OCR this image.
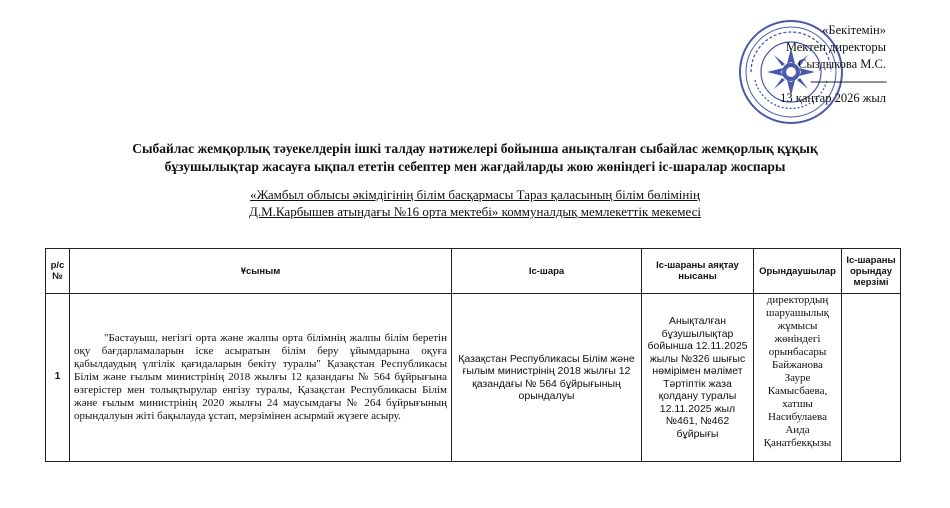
«Бекітемін»
Мектеп директоры
Сыздыкова М.С.
------------------------
13 қаңтар 2026 жыл
Сыбайлас жемқорлық тәуекелдерін ішкі талдау нәтижелері бойынша анықталған сыбайлас жемқорлық құқық
бұзушылықтар жасауға ықпал ететін себептер мен жағдайларды жою жөніндегі іс-шаралар жоспары
«Жамбыл облысы әкімдігінің білім басқармасы Тараз қаласының білім бөлімінің
Д.М.Карбышев атындағы №16 орта мектебі» коммуналдық мемлекеттік мекемесі
р/с №	Ұсыным	Іс-шара	Іс-шараны аяқтау нысаны	Орындаушылар	Іс-шараны орындау мерзімі
1	"Бастауыш, негізгі орта және жалпы орта білімнің жалпы білім беретін оқу бағдарламаларын іске асыратын білім беру ұйымдарына оқуға қабылдаудың үлгілік қағидаларын бекіту туралы" Қазақстан Республикасы Білім және ғылым министрінің 2018 жылғы 12 қазандағы № 564 бұйрығына өзгерістер мен толықтырулар енгізу туралы, Қазақстан Республикасы Білім және ғылым министрінің 2020 жылғы 24 маусымдағы № 264 бұйрығының орындалуын жіті бақылауда ұстап, мерзімінен асырмай жүзеге асыру.	Қазақстан Республикасы Білім және ғылым министрінің 2018 жылғы 12 қазандағы № 564 бұйрығының орындалуы	Анықталған бұзушылықтар бойынша 12.11.2025 жылы №326 шығыс нөмірімен мәлімет Тәртіптік жаза қолдану туралы 12.11.2025 жыл №461, №462 бұйрығы	директордың шаруашылық жұмысы жөніндегі орынбасары Байжанова Зауре Камысбаева, хатшы Насибулаева Аида Қанатбекқызы	
